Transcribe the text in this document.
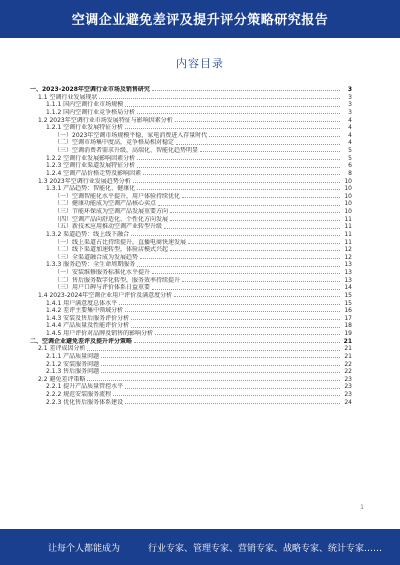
空调企业避免差评及提升评分策略研究报告
内容目录
一、2023-2028年空调行业市场及销售研究	3
1.1 空调行业发展现状	3
1.1.1 国内空调行业市场规模	3
1.1.2 国内空调行业竞争格局分析	3
1.2 2023年空调行业市场发展特征与影响因素分析	4
1.2.1 空调行业发展特征分析	4
（一）2023年空调市场规模平稳，家电消费进入存量时代	4
（二）空调市场集中度高，竞争格局相对稳定	4
（三）空调消费者需求升级，高端化、智能化趋势明显	5
1.2.2 空调行业发展影响因素分析	5
1.2.3 空调行业渠道发展特征分析	6
1.2.4 空调产品价格走势及影响因素	8
1.3 2023年空调行业发展趋势分析	10
1.3.1 产品趋势：智能化、健康化	10
（一）空调智能化水平提升，用户体验持续优化	10
（二）健康功能成为空调产品核心卖点	10
（三）节能环保成为空调产品发展重要方向	10
（四）空调产品向舒适化、个性化方向发展	11
（五）新技术应用推动空调产业转型升级	11
1.3.2 渠道趋势：线上线下融合	11
（一）线上渠道占比持续提升，直播电商快速发展	11
（二）线下渠道加速转型，体验店模式兴起	12
（三）全渠道融合成为发展趋势	12
1.3.3 服务趋势：全生命周期服务	13
（一）安装维修服务标准化水平提升	13
（二）售后服务数字化转型，服务效率持续提升	13
（三）用户口碑与评价体系日益重要	14
1.4 2023-2024年空调企业用户评价及满意度分析	15
1.4.1 用户满意度总体水平	15
1.4.2 差评主要集中领域分析	16
1.4.3 安装及售后服务评价分析	17
1.4.4 产品质量及性能评价分析	18
1.4.5 用户评价对品牌及销售的影响分析	19
二、空调企业避免差评及提升评分策略	21
2.1 差评成因分析	21
2.1.1 产品质量问题	21
2.1.2 安装服务问题	22
2.1.3 售后服务问题	22
2.2 避免差评策略	23
2.2.1 提升产品质量管控水平	23
2.2.2 规范安装服务流程	23
2.2.3 优化售后服务体系建设	24
1
让每个人都能成为	行业专家、管理专家、营销专家、战略专家、统计专家……
